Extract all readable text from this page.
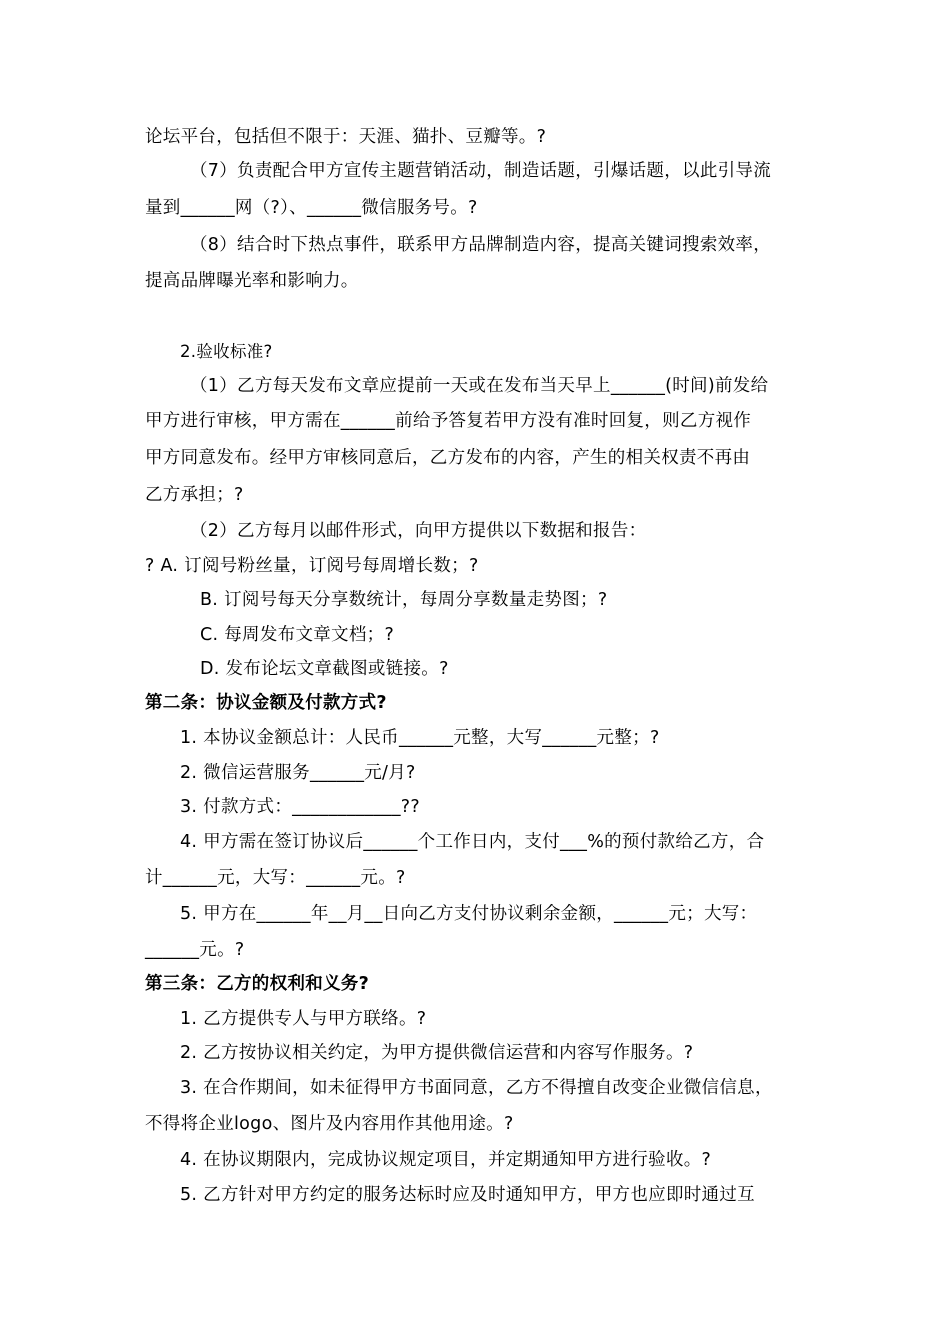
论坛平台，包括但不限于：天涯、猫扑、豆瓣等。?
（7）负责配合甲方宣传主题营销活动，制造话题，引爆话题，以此引导流
量到______网（?）、______微信服务号。?
（8）结合时下热点事件，联系甲方品牌制造内容，提高关键词搜索效率，
提高品牌曝光率和影响力。
2.验收标准?
（1）乙方每天发布文章应提前一天或在发布当天早上______(时间)前发给
甲方进行审核，甲方需在______前给予答复若甲方没有准时回复，则乙方视作
甲方同意发布。经甲方审核同意后，乙方发布的内容，产生的相关权责不再由
乙方承担；?
（2）乙方每月以邮件形式，向甲方提供以下数据和报告：
? A. 订阅号粉丝量，订阅号每周增长数；?
B. 订阅号每天分享数统计，每周分享数量走势图；?
C. 每周发布文章文档；?
D. 发布论坛文章截图或链接。?
第二条：协议金额及付款方式?
1. 本协议金额总计：人民币______元整，大写______元整；?
2. 微信运营服务______元/月?
3. 付款方式：____________??
4. 甲方需在签订协议后______个工作日内，支付___%的预付款给乙方，合
计______元，大写：______元。?
5. 甲方在______年__月__日向乙方支付协议剩余金额，______元；大写：
______元。?
第三条：乙方的权利和义务?
1. 乙方提供专人与甲方联络。?
2. 乙方按协议相关约定，为甲方提供微信运营和内容写作服务。?
3. 在合作期间，如未征得甲方书面同意，乙方不得擅自改变企业微信信息，
不得将企业logo、图片及内容用作其他用途。?
4. 在协议期限内，完成协议规定项目，并定期通知甲方进行验收。?
5. 乙方针对甲方约定的服务达标时应及时通知甲方，甲方也应即时通过互
